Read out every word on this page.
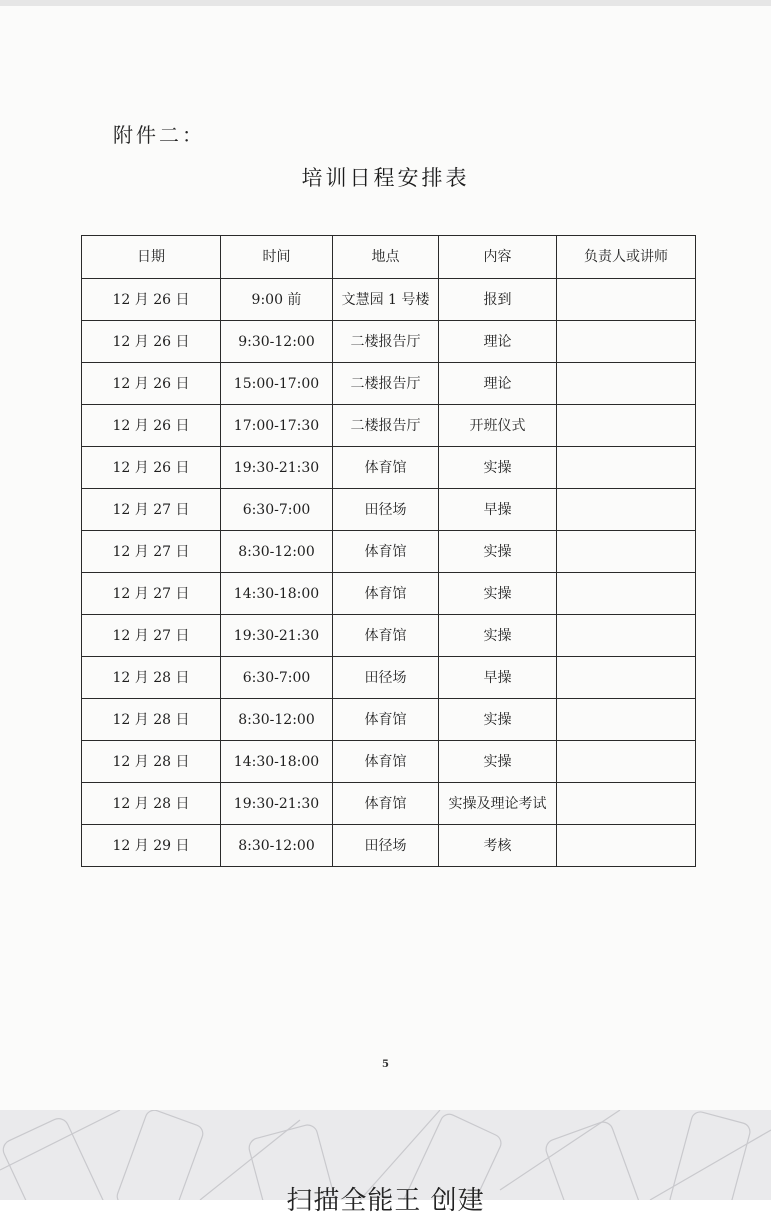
附件二：
培训日程安排表
日期	时间	地点	内容	负责人或讲师
12 月 26 日	9:00 前	文慧园 1 号楼	报到	
12 月 26 日	9:30-12:00	二楼报告厅	理论	
12 月 26 日	15:00-17:00	二楼报告厅	理论	
12 月 26 日	17:00-17:30	二楼报告厅	开班仪式	
12 月 26 日	19:30-21:30	体育馆	实操	
12 月 27 日	6:30-7:00	田径场	早操	
12 月 27 日	8:30-12:00	体育馆	实操	
12 月 27 日	14:30-18:00	体育馆	实操	
12 月 27 日	19:30-21:30	体育馆	实操	
12 月 28 日	6:30-7:00	田径场	早操	
12 月 28 日	8:30-12:00	体育馆	实操	
12 月 28 日	14:30-18:00	体育馆	实操	
12 月 28 日	19:30-21:30	体育馆	实操及理论考试	
12 月 29 日	8:30-12:00	田径场	考核	
5
扫描全能王 创建
